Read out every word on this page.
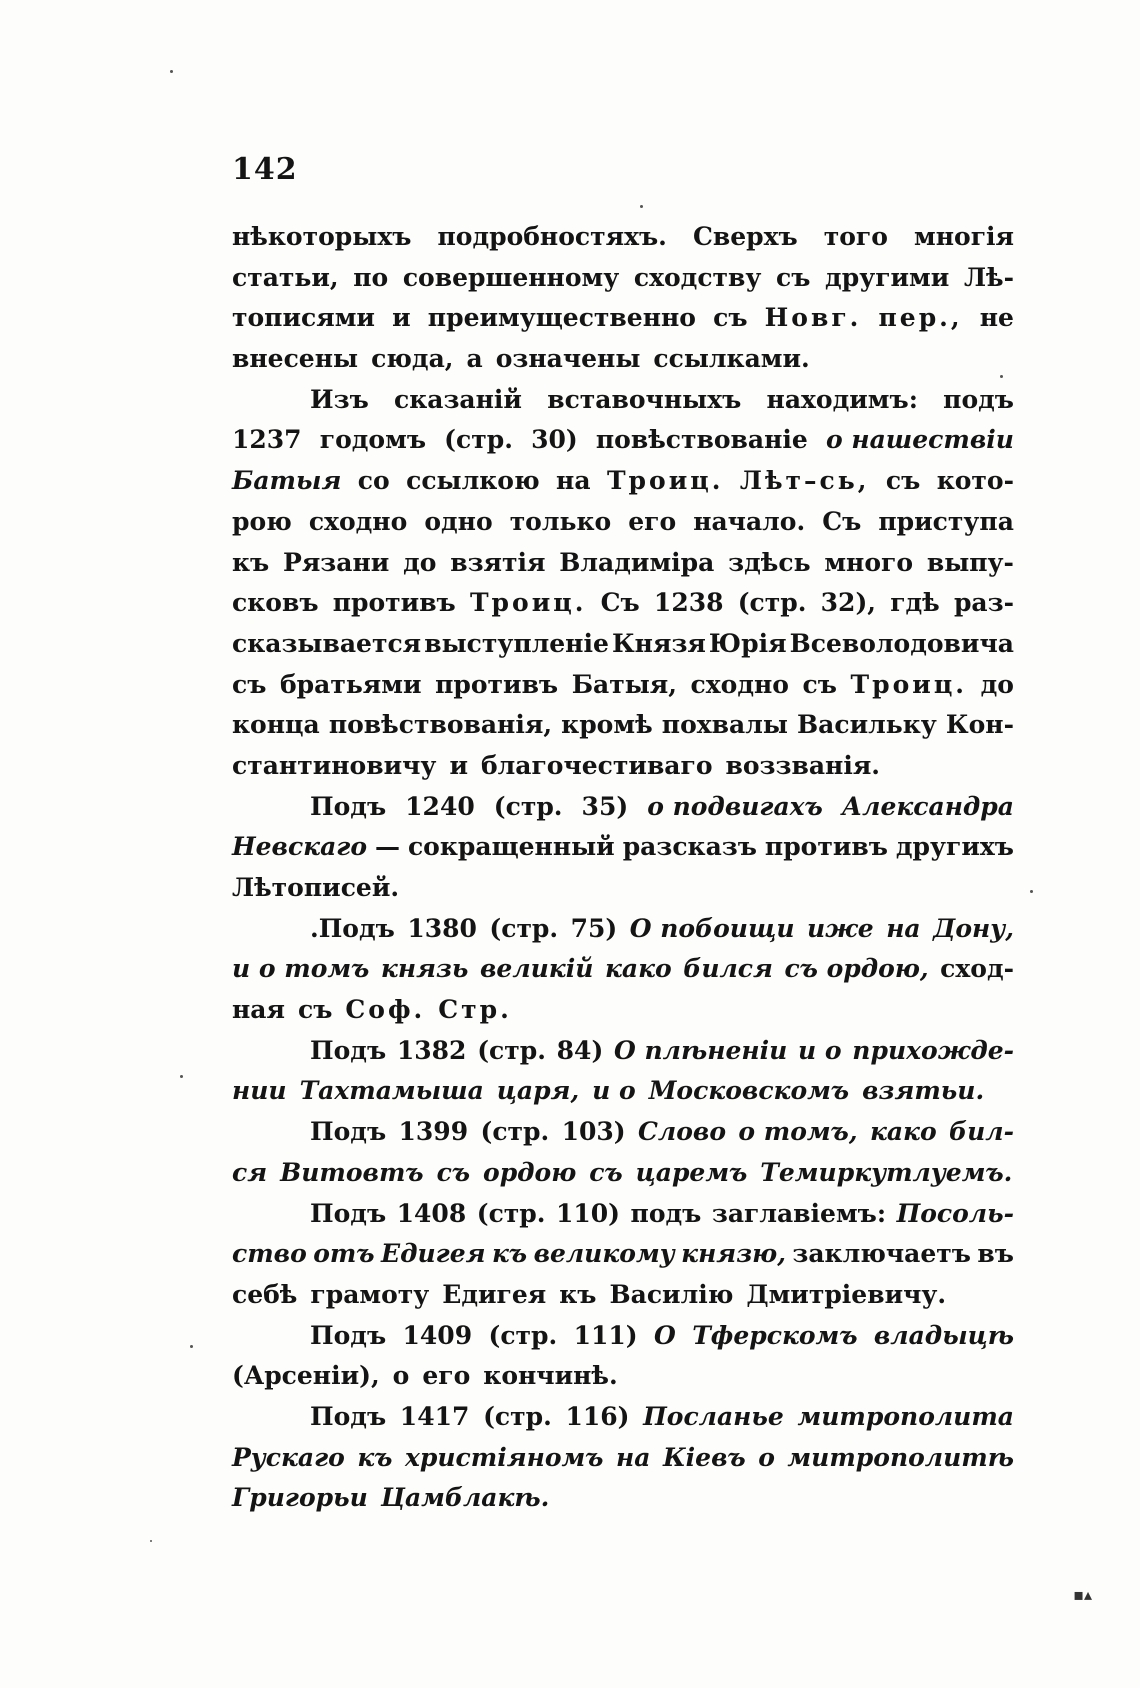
142
нѣкоторыхъ подробностяхъ. Сверхъ того многія
статьи, по совершенному сходству съ другими Лѣ-
тописями и преимущественно съ Новг. пер., не
внесены сюда, а означены ссылками.
Изъ сказаній вставочныхъ находимъ: подъ
1237 годомъ (стр. 30) повѣствованіе о нашествіи
Батыя со ссылкою на Троиц. Лѣт–сь, съ кото-
рою сходно одно только его начало. Съ приступа
къ Рязани до взятія Владиміра здѣсь много выпу-
сковъ противъ Троиц. Съ 1238 (стр. 32), гдѣ раз-
сказывается выступленіе Князя Юрія Всеволодовича
съ братьями противъ Батыя, сходно съ Троиц. до
конца повѣствованія, кромѣ похвалы Васильку Кон-
стантиновичу и благочестиваго воззванія.
Подъ 1240 (стр. 35) о подвигахъ Александра
Невскаго — сокращенный разсказъ противъ другихъ
Лѣтописей.
.Подъ 1380 (стр. 75) О побоищи иже на Дону,
и о томъ князь великій како бился съ ордою, сход-
ная съ Соф. Стр.
Подъ 1382 (стр. 84) О плѣненіи и о прихожде-
нии Тахтамыша царя, и о Московскомъ взятьи.
Подъ 1399 (стр. 103) Слово о томъ, како бил-
ся Витовтъ съ ордою съ царемъ Темиркутлуемъ.
Подъ 1408 (стр. 110) подъ заглавіемъ: Посоль-
ство отъ Едигея къ великому князю, заключаетъ въ
себѣ грамоту Едигея къ Василію Дмитріевичу.
Подъ 1409 (стр. 111) О Тферскомъ владыцѣ
(Арсеніи), о его кончинѣ.
Подъ 1417 (стр. 116) Посланье митрополита
Рускаго къ христіяномъ на Кіевъ о митрополитѣ
Григорьи Цамблакѣ.
▪▴
